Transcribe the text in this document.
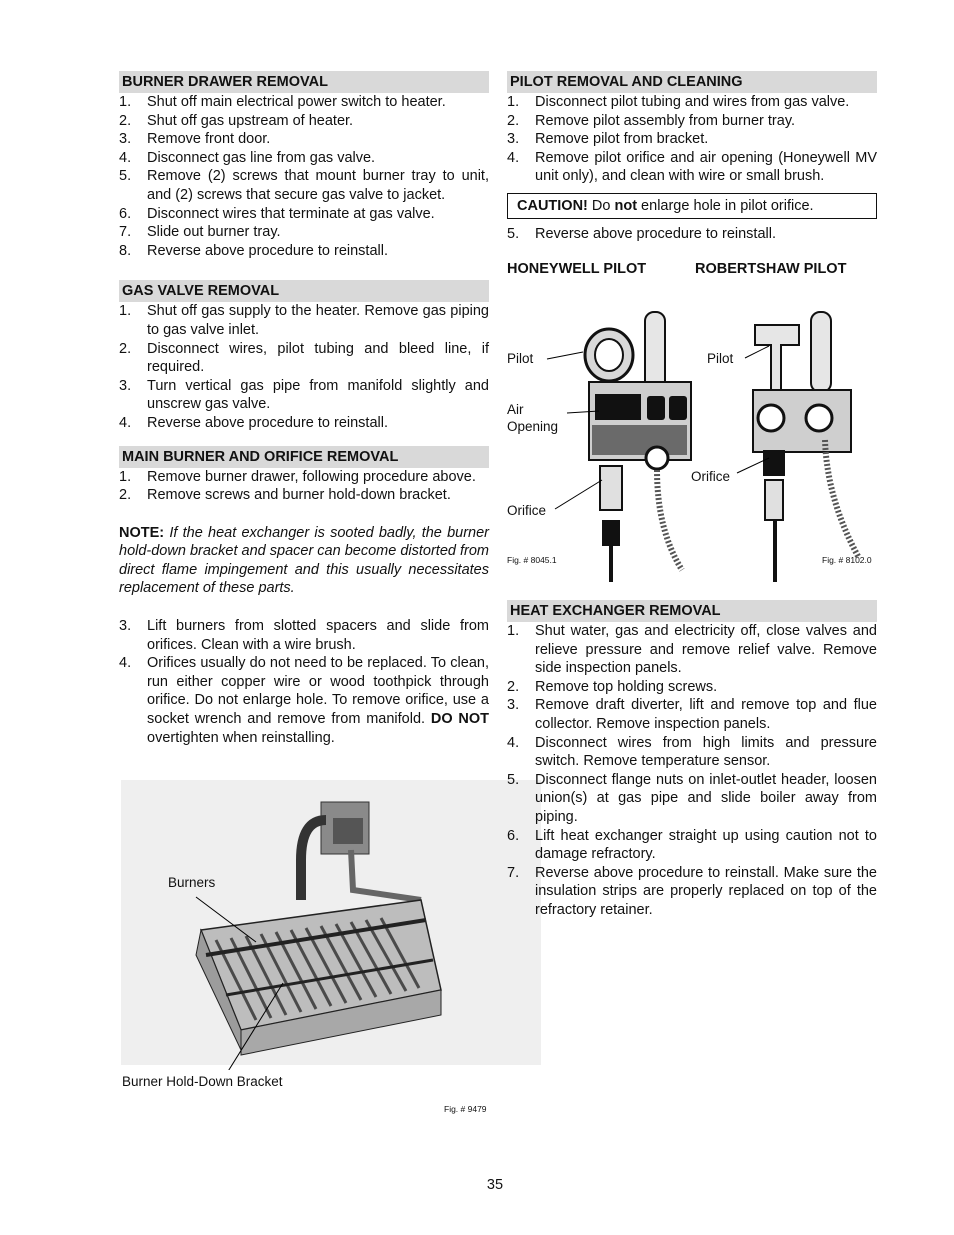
BURNER DRAWER REMOVAL
1.	Shut off main electrical power switch to heater.
2.	Shut off gas upstream of heater.
3.	Remove front door.
4.	Disconnect gas line from gas valve.
5.	Remove (2) screws that mount burner tray to unit, and (2) screws that secure gas valve to jacket.
6.	Disconnect wires that terminate at gas valve.
7.	Slide out burner tray.
8.	Reverse above procedure to reinstall.
GAS VALVE REMOVAL
1.	Shut off gas supply to the heater. Remove gas piping to gas valve inlet.
2.	Disconnect wires, pilot tubing and bleed line, if required.
3.	Turn vertical gas pipe from manifold slightly and unscrew gas valve.
4.	Reverse above procedure to reinstall.
MAIN BURNER AND ORIFICE REMOVAL
1.	Remove burner drawer, following procedure above.
2.	Remove screws and burner hold-down bracket.

NOTE: If the heat exchanger is sooted badly, the burner hold-down bracket and spacer can become distorted from direct flame impingement and this usually necessitates replacement of these parts.

3.	Lift burners from slotted spacers and slide from orifices. Clean with a wire brush.
4.	Orifices usually do not need to be replaced. To clean, run either copper wire or wood toothpick through orifice. Do not enlarge hole. To remove orifice, use a socket wrench and remove from manifold. DO NOT overtighten when reinstalling.
Burners
Burner Hold-Down Bracket
Fig. # 9479
PILOT REMOVAL AND CLEANING
1.	Disconnect pilot tubing and wires from gas valve.
2.	Remove pilot assembly from burner tray.
3.	Remove pilot from bracket.
4.	Remove pilot orifice and air opening (Honeywell MV unit only), and clean with wire or small brush.
CAUTION! Do not enlarge hole in pilot orifice.
5.	Reverse above procedure to reinstall.
HONEYWELL PILOT	ROBERTSHAW PILOT
Pilot
Air
Opening
Orifice
Pilot
Orifice
Fig. # 8045.1	Fig. # 8102.0
HEAT EXCHANGER REMOVAL
1.	Shut water, gas and electricity off, close valves and relieve pressure and remove relief valve. Remove side inspection panels.
2.	Remove top holding screws.
3.	Remove draft diverter, lift and remove top and flue collector. Remove inspection panels.
4.	Disconnect wires from high limits and pressure switch. Remove temperature sensor.
5.	Disconnect flange nuts on inlet-outlet header, loosen union(s) at gas pipe and slide boiler away from piping.
6.	Lift heat exchanger straight up using caution not to damage refractory.
7.	Reverse above procedure to reinstall. Make sure the insulation strips are properly replaced on top of the refractory retainer.
35
